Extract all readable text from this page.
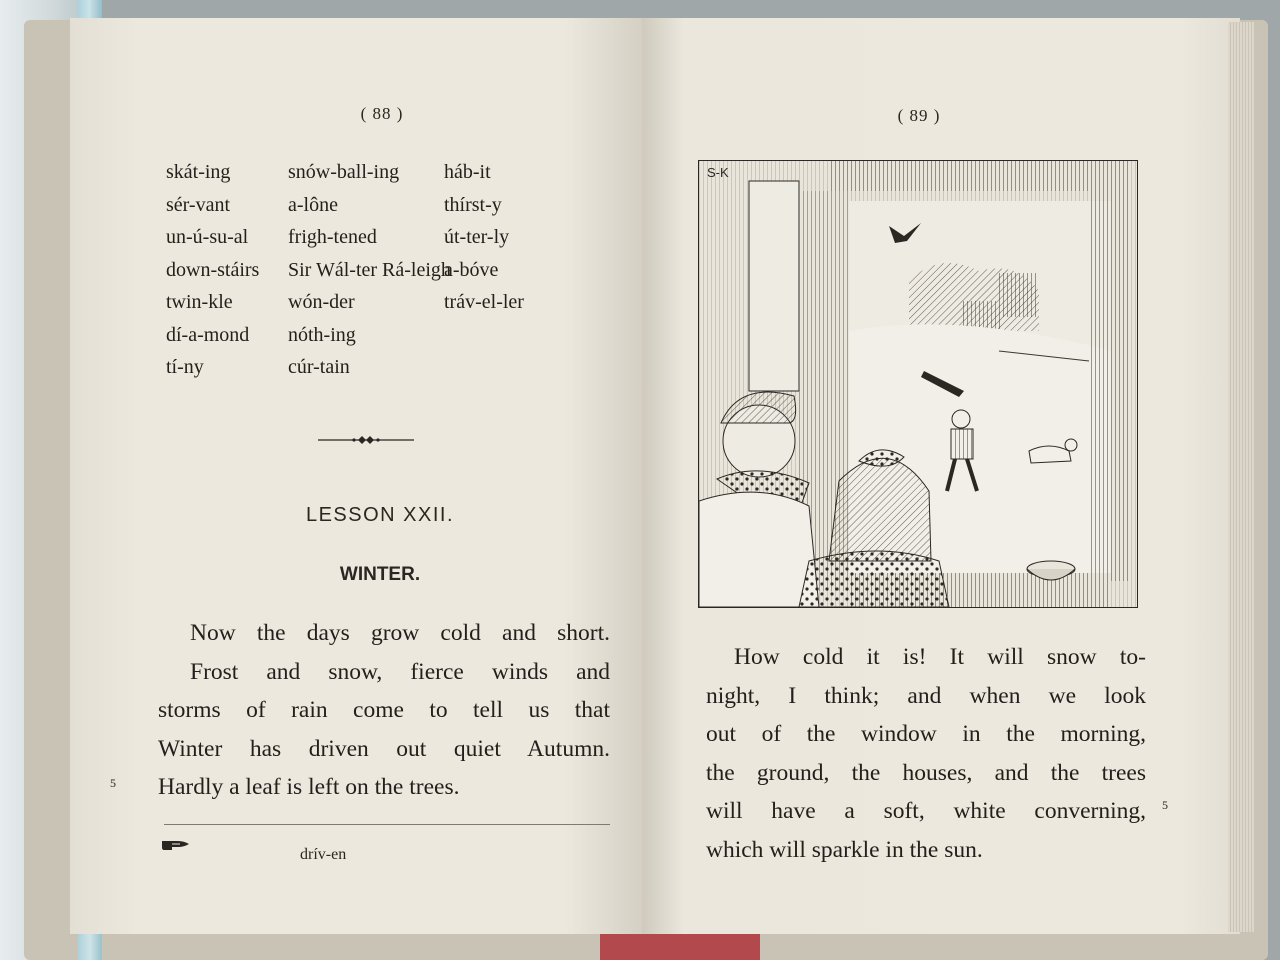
( 88 )
skát-ing
sér-vant
un-ú-su-al
down-stáirs
twin-kle
dí-a-mond
tí-ny
snów-ball-ing
a-lône
frigh-tened
Sir Wál-ter Rá-leigh
wón-der
nóth-ing
cúr-tain
háb-it
thírst-y
út-ter-ly
a-bóve
tráv-el-ler
LESSON XXII.
WINTER.
Now the days grow cold and short.
Frost and snow, fierce winds and
storms of rain come to tell us that
Winter has driven out quiet Autumn.
Hardly a leaf is left on the trees.
5
drív-en
( 89 )
S-K
How cold it is! It will snow to-
night, I think; and when we look
out of the window in the morning,
the ground, the houses, and the trees
will have a soft, white converning,
which will sparkle in the sun.
5
